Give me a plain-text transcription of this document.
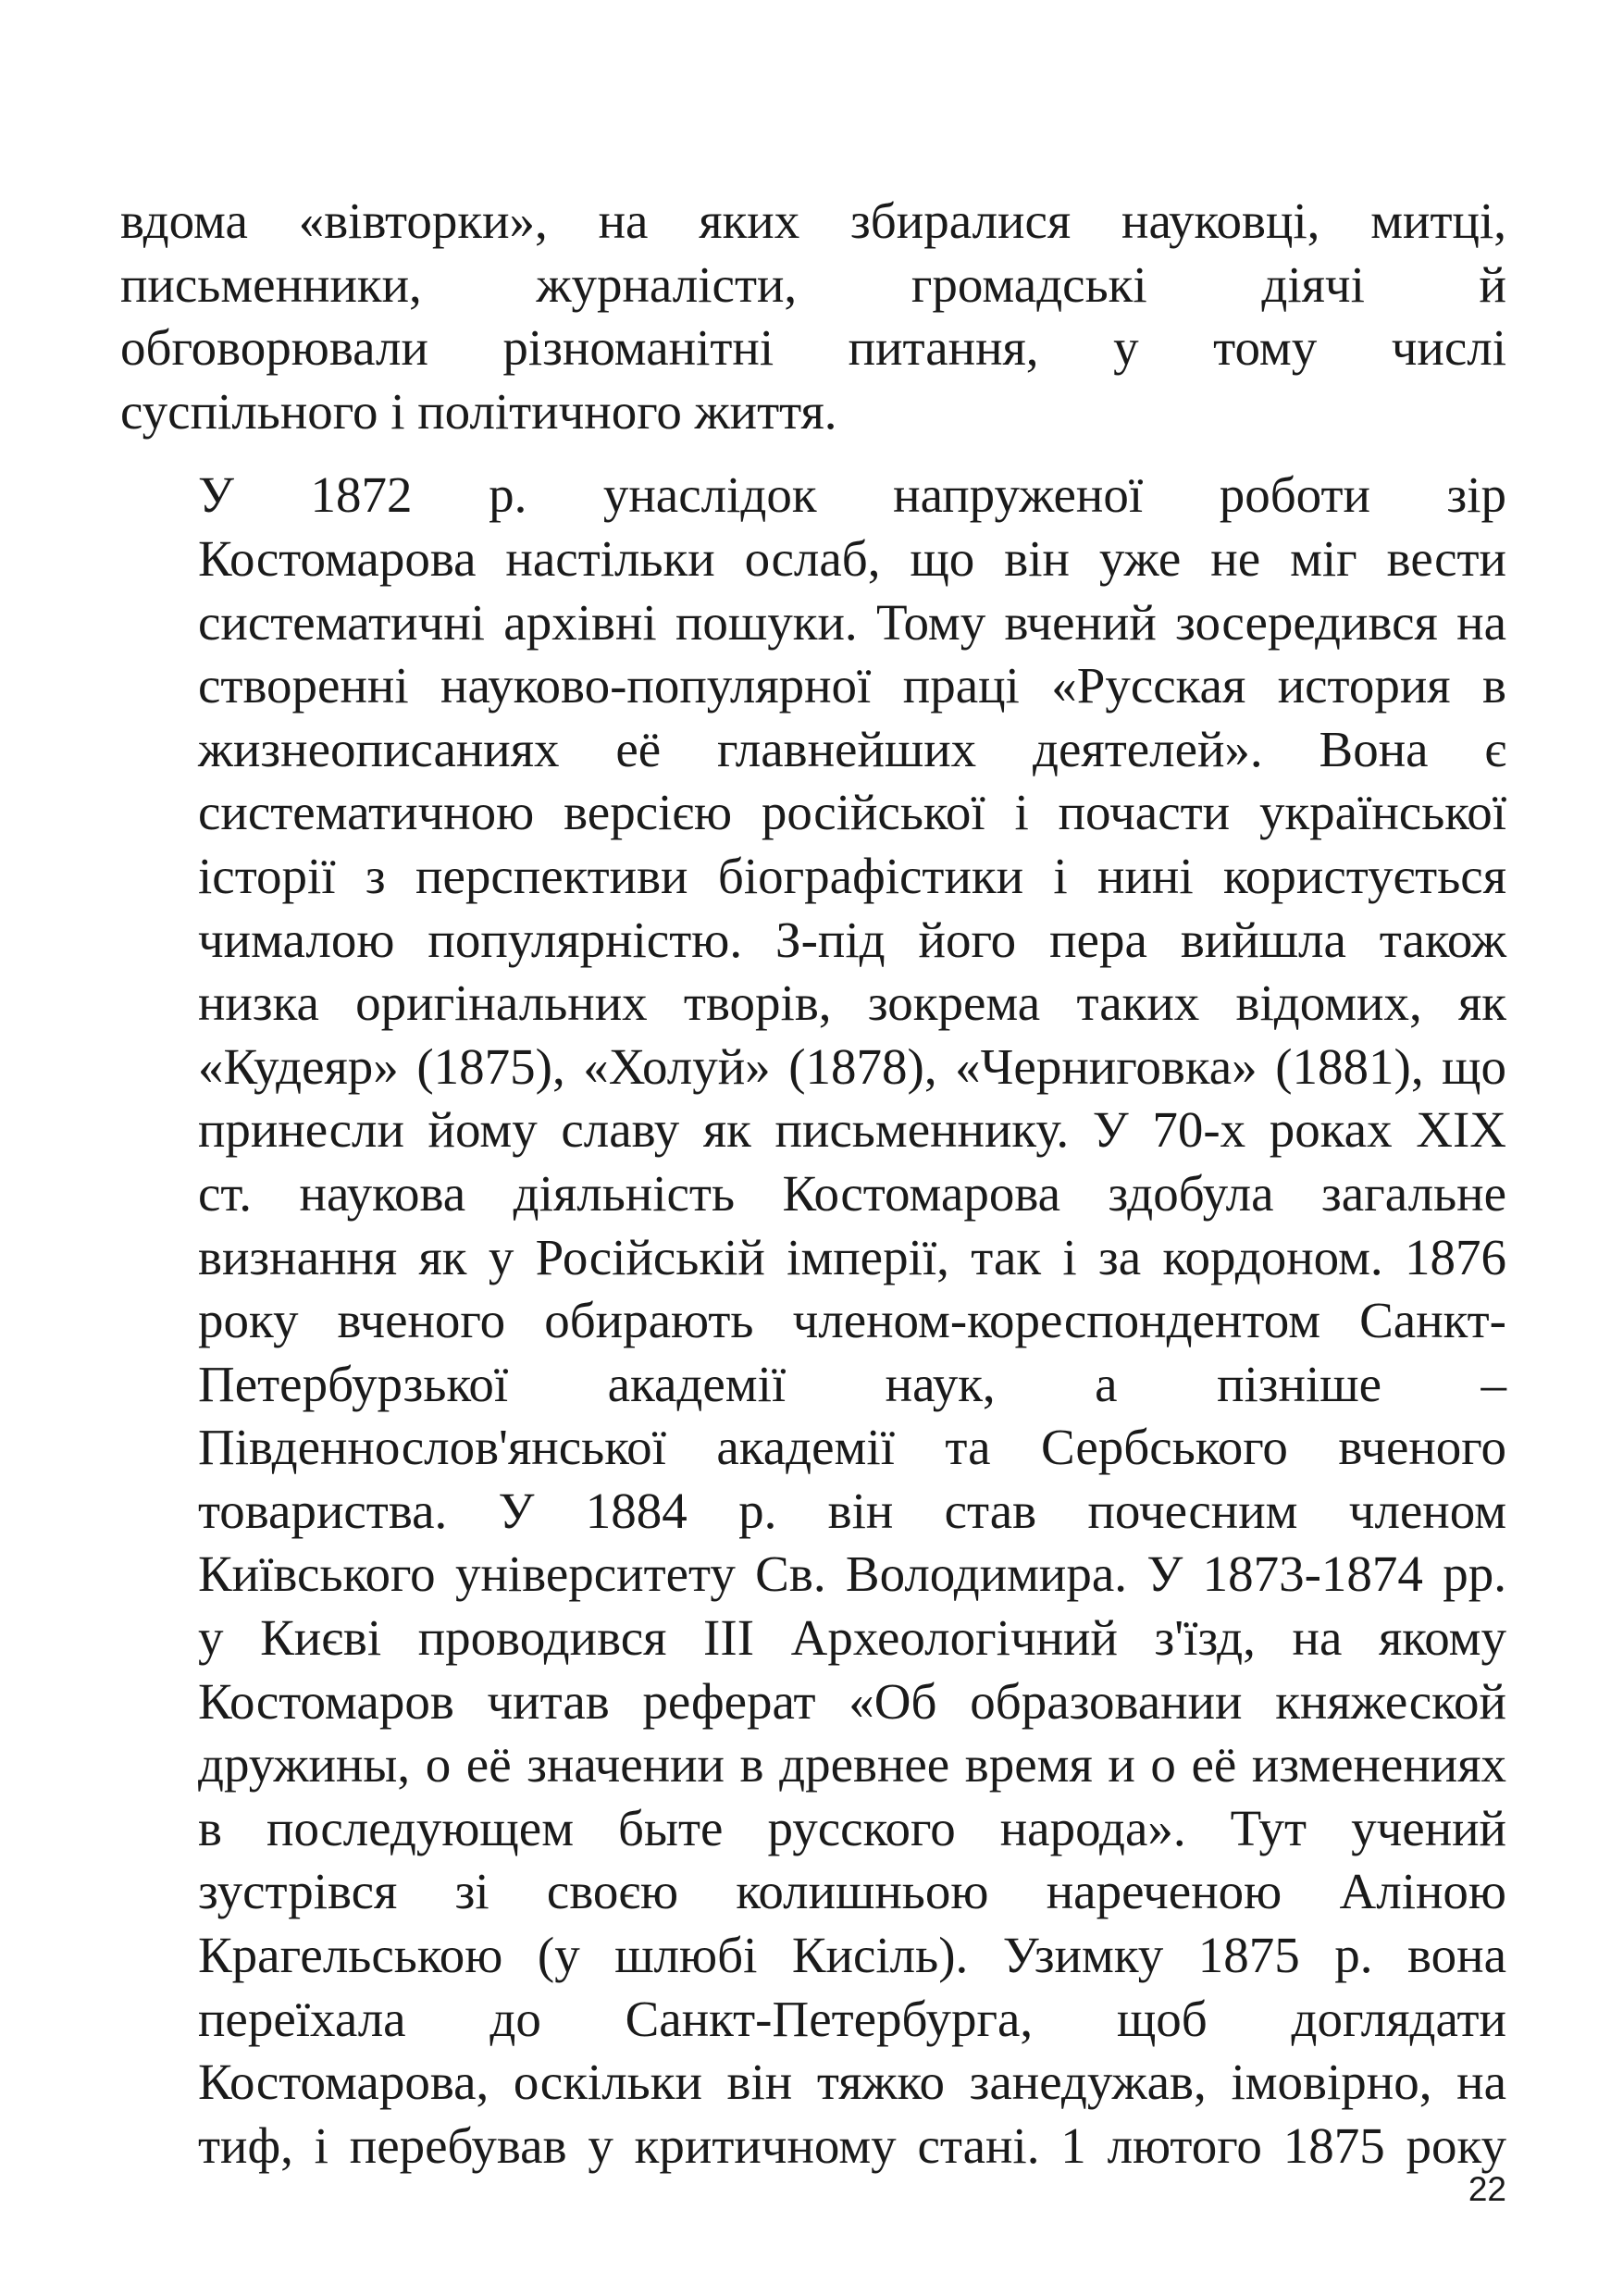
вдома «вівторки», на яких збиралися науковці, митці,
письменники, журналісти, громадські діячі й
обговорювали різноманітні питання, у тому числі
суспільного і політичного життя.
У 1872 р. унаслідок напруженої роботи зір
Костомарова настільки ослаб, що він уже не міг вести
систематичні архівні пошуки. Тому вчений зосередився на
створенні науково-популярної праці «Русская история в
жизнеописаниях её главнейших деятелей». Вона є
систематичною версією російської і почасти української
історії з перспективи біографістики і нині користується
чималою популярністю. З-під його пера вийшла також
низка оригінальних творів, зокрема таких відомих, як
«Кудеяр» (1875), «Холуй» (1878), «Черниговка» (1881), що
принесли йому славу як письменнику. У 70-х роках XIX
ст. наукова діяльність Костомарова здобула загальне
визнання як у Російській імперії, так і за кордоном. 1876
року вченого обирають членом-кореспондентом Санкт-
Петербурзької академії наук, а пізніше –
Південнослов'янської академії та Сербського вченого
товариства. У 1884 р. він став почесним членом
Київського університету Св. Володимира. У 1873-1874 рр.
у Києві проводився III Археологічний з'їзд, на якому
Костомаров читав реферат «Об образовании княжеской
дружины, о её значении в древнее время и о её изменениях
в последующем быте русского народа». Тут учений
зустрівся зі своєю колишньою нареченою Аліною
Крагельською (у шлюбі Кисіль). Узимку 1875 р. вона
переїхала до Санкт-Петербурга, щоб доглядати
Костомарова, оскільки він тяжко занедужав, імовірно, на
тиф, і перебував у критичному стані. 1 лютого 1875 року
22
